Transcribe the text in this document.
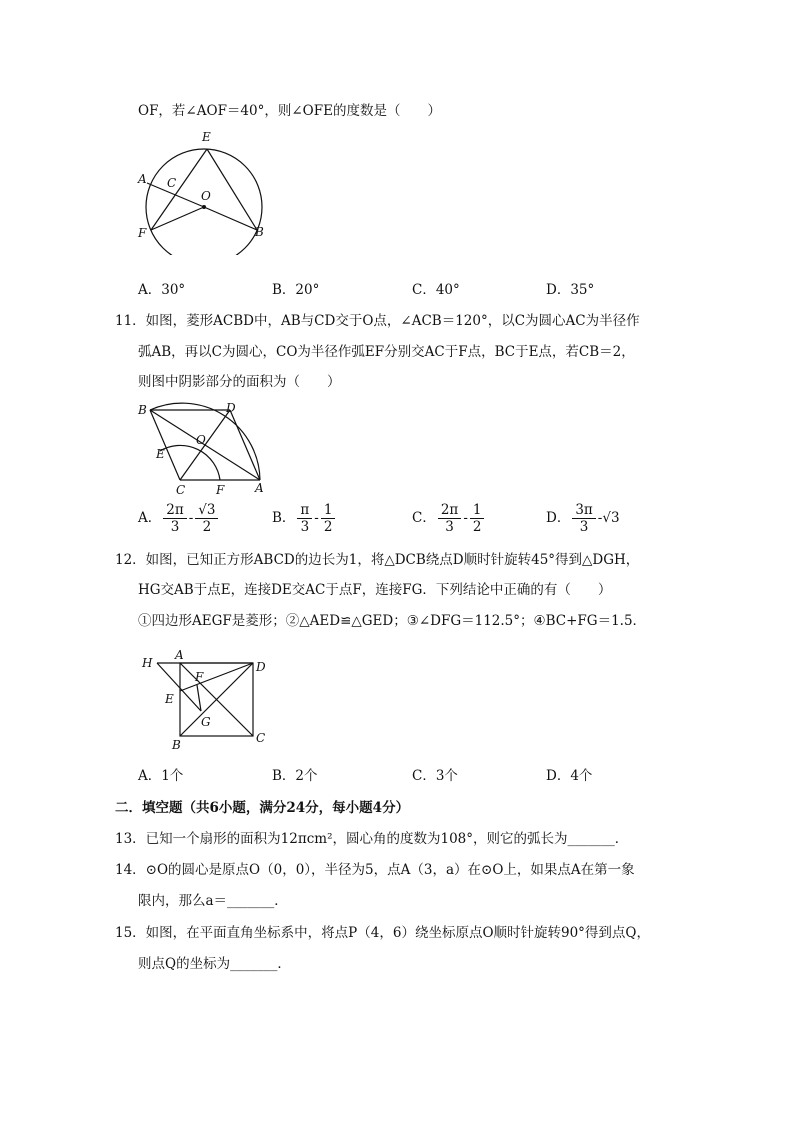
OF，若∠AOF＝40°，则∠OFE的度数是（　　）
E
A C
O
F	B
A．30°	B．20°	C．40°	D．35°
11．如图，菱形ACBD中，AB与CD交于O点，∠ACB＝120°，以C为圆心AC为半径作
弧AB，再以C为圆心，CO为半径作弧EF分别交AC于F点，BC于E点，若CB＝2，
则图中阴影部分的面积为（　　）
B	D
O
E
C	F	A
A． $\frac{2\pi}{3} - \frac{√3}{2}$	B． $\frac{\pi}{3} - \frac{1}{2}$	C． $\frac{2\pi}{3} - \frac{1}{2}$	D． $\frac{3\pi}{3} -√3$
12．如图，已知正方形ABCD的边长为1，将△DCB绕点D顺时针旋转45°得到△DGH，
HG交AB于点E，连接DE交AC于点F，连接FG．下列结论中正确的有（　　）
①四边形AEGF是菱形；②△AED≌△GED；③∠DFG＝112.5°；④BC+FG＝1.5．
H
A
D
F
E
G
B	C
A．1个	B．2个	C．3个	D．4个
二．填空题（共6小题，满分24分，每小题4分）
13．已知一个扇形的面积为12πcm²，圆心角的度数为108°，则它的弧长为_______．
14．⊙O的圆心是原点O（0，0），半径为5，点A（3，a）在⊙O上，如果点A在第一象
限内，那么a＝_______．
15．如图，在平面直角坐标系中，将点P（4，6）绕坐标原点O顺时针旋转90°得到点Q，
则点Q的坐标为_______．
